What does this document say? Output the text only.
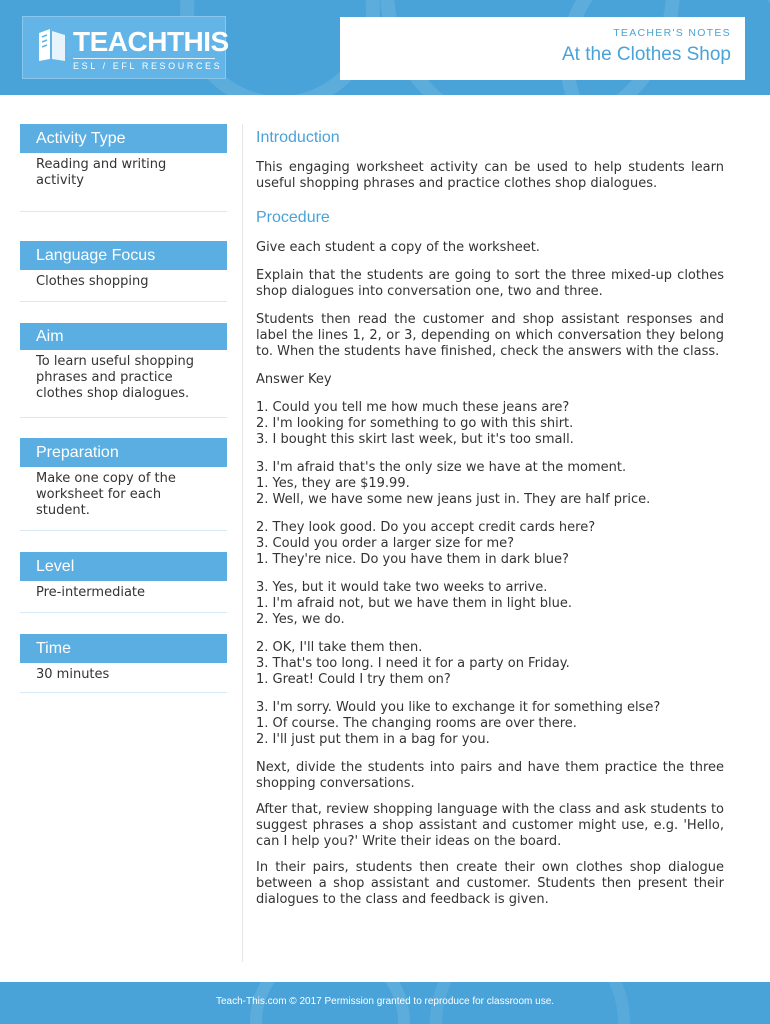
TEACHTHIS
ESL / EFL RESOURCES
TEACHER'S NOTES
At the Clothes Shop
Activity Type
Reading and writing
activity
Language Focus
Clothes shopping
Aim
To learn useful shopping
phrases and practice
clothes shop dialogues.
Preparation
Make one copy of the
worksheet for each
student.
Level
Pre-intermediate
Time
30 minutes
Introduction

This engaging worksheet activity can be used to help students learn useful shopping phrases and practice clothes shop dialogues.

Procedure

Give each student a copy of the worksheet.

Explain that the students are going to sort the three mixed-up clothes shop dialogues into conversation one, two and three.

Students then read the customer and shop assistant responses and label the lines 1, 2, or 3, depending on which conversation they belong to. When the students have finished, check the answers with the class.

Answer Key

1. Could you tell me how much these jeans are?

2. I'm looking for something to go with this shirt.

3. I bought this skirt last week, but it's too small.

3. I'm afraid that's the only size we have at the moment.

1. Yes, they are $19.99.

2. Well, we have some new jeans just in. They are half price.

2. They look good. Do you accept credit cards here?

3. Could you order a larger size for me?

1. They're nice. Do you have them in dark blue?

3. Yes, but it would take two weeks to arrive.

1. I'm afraid not, but we have them in light blue.

2. Yes, we do.

2. OK, I'll take them then.

3. That's too long. I need it for a party on Friday.

1. Great! Could I try them on?

3. I'm sorry. Would you like to exchange it for something else?

1. Of course. The changing rooms are over there.

2. I'll just put them in a bag for you.

Next, divide the students into pairs and have them practice the three shopping conversations.

After that, review shopping language with the class and ask students to suggest phrases a shop assistant and customer might use, e.g. 'Hello, can I help you?' Write their ideas on the board.

In their pairs, students then create their own clothes shop dialogue between a shop assistant and customer. Students then present their dialogues to the class and feedback is given.

Teach-This.com © 2017 Permission granted to reproduce for classroom use.
